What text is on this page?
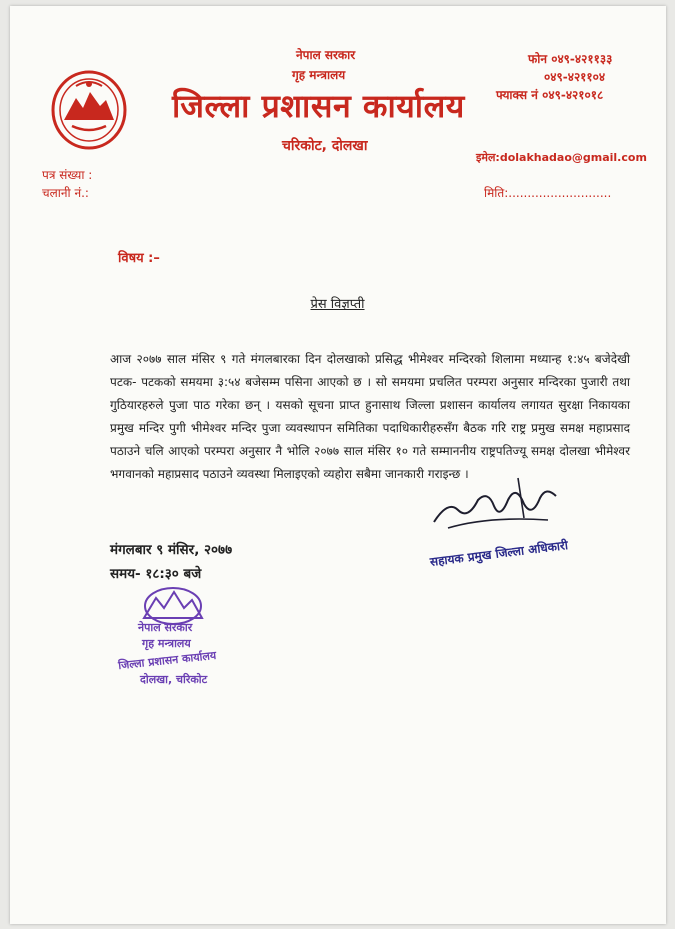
नेपाल सरकार
गृह मन्त्रालय
जिल्ला प्रशासन कार्यालय
चरिकोट, दोलखा
फोन ०४९-४२११३३
०४९-४२११०४
फ्याक्स नं ०४९-४२१०१८
इमेल:dolakhadao@gmail.com
पत्र संख्या :
चलानी नं.:	मिति:...........................
विषय :–
प्रेस विज्ञप्ती
आज २०७७ साल मंसिर ९ गते मंगलबारका दिन दोलखाको प्रसिद्ध भीमेश्वर मन्दिरको शिलामा मध्यान्ह १:४५ बजेदेखी पटक- पटकको समयमा ३:५४ बजेसम्म पसिना आएको छ । सो समयमा प्रचलित परम्परा अनुसार मन्दिरका पुजारी तथा गुठियारहरुले पुजा पाठ गरेका छन् । यसको सूचना प्राप्त हुनासाथ जिल्ला प्रशासन कार्यालय लगायत सुरक्षा निकायका प्रमुख मन्दिर पुगी भीमेश्वर मन्दिर पुजा व्यवस्थापन समितिका पदाधिकारीहरुसँग बैठक गरि राष्ट्र प्रमुख समक्ष महाप्रसाद पठाउने चलि आएको परम्परा अनुसार नै भोलि २०७७ साल मंसिर १० गते सम्माननीय राष्ट्रपतिज्यू समक्ष दोलखा भीमेश्वर भगवानको महाप्रसाद पठाउने व्यवस्था मिलाइएको व्यहोरा सबैमा जानकारी गराइन्छ ।
मंगलबार ९ मंसिर, २०७७
समय- १८:३० बजे
सहायक प्रमुख जिल्ला अधिकारी
नेपाल सरकार
गृह मन्त्रालय
जिल्ला प्रशासन कार्यालय
दोलखा, चरिकोट
